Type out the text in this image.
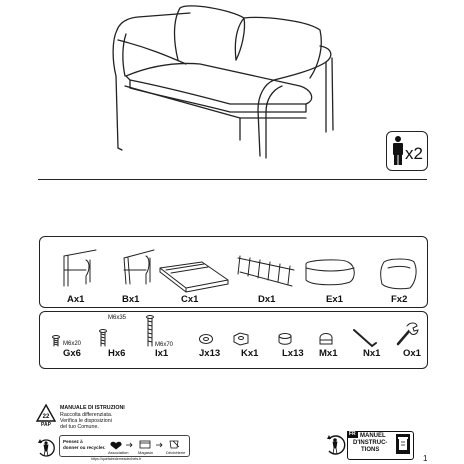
x2
Ax1	Bx1	Cx1	Dx1	Ex1	Fx2
M6x20
M6x35
M6x70
Gx6	Hx6	Ix1	Jx13 Kx1 Lx13 Mx1	Nx1 Ox1
22
PAP
MANUALE DI ISTRUZIONI
Raccolta differenziata.
Verifica le disposizioni
del tuo Comune.
Pensez à
donner ou recycler.
Association Magasin	Déchèterie
https://quefairedemesdechets.fr
FR MANUEL
D'INSTRUC-
TIONS
1
